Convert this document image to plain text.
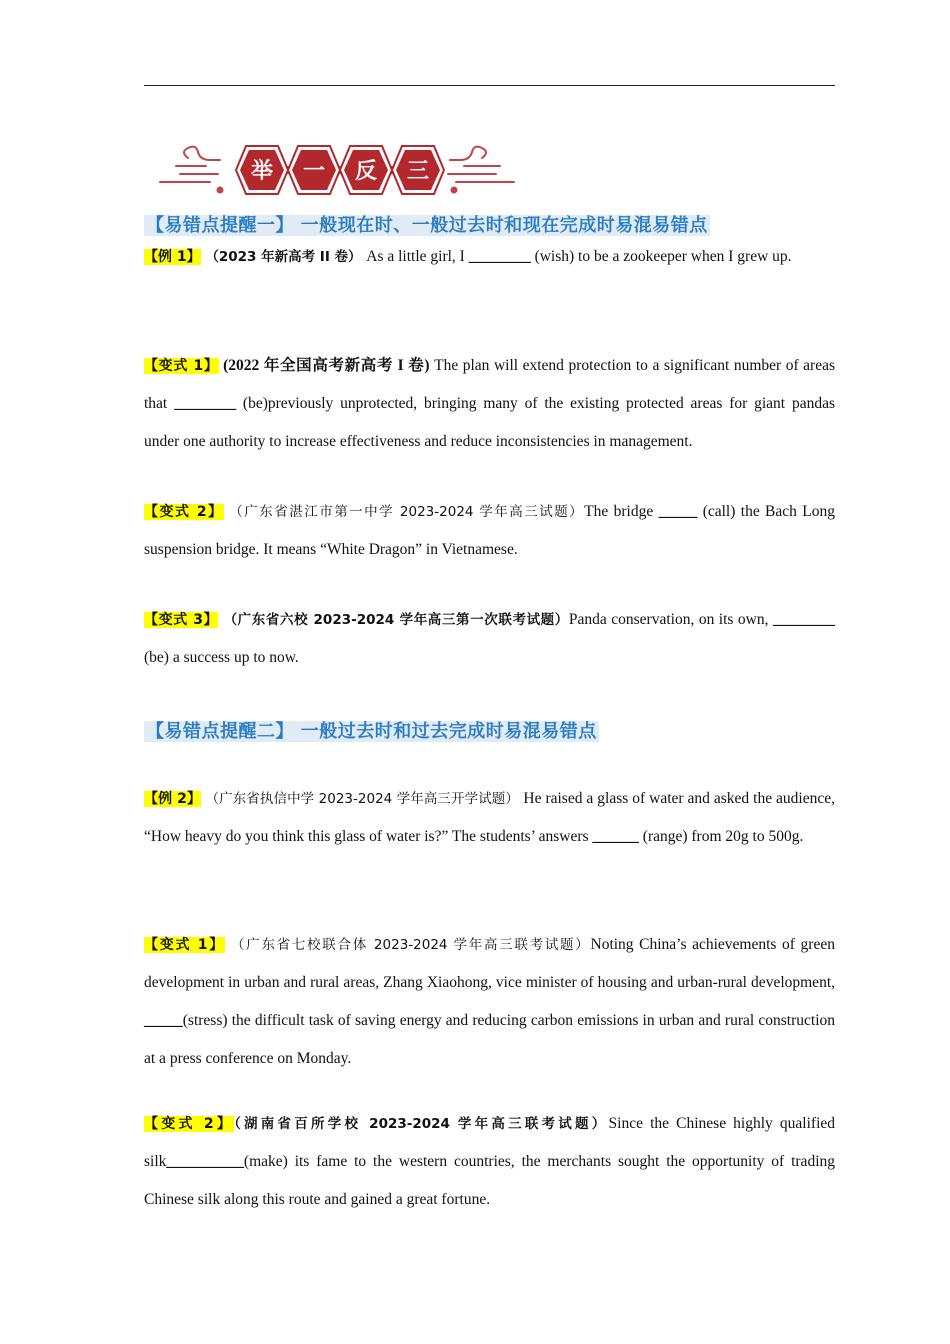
举 一 反 三
【易错点提醒一】 一般现在时、一般过去时和现在完成时易混易错点

【例 1】 （2023 年新高考 II 卷） As a little girl, I ________ (wish) to be a zookeeper when I grew up.

【变式 1】 (2022 年全国高考新高考 I 卷) The plan will extend protection to a significant number of areas that ________ (be)previously unprotected, bringing many of the existing protected areas for giant pandas under one authority to increase effectiveness and reduce inconsistencies in management.

【变式 2】 （广东省湛江市第一中学 2023-2024 学年高三试题）The bridge _____ (call) the Bach Long suspension bridge. It means “White Dragon” in Vietnamese.

【变式 3】 （广东省六校 2023-2024 学年高三第一次联考试题）Panda conservation, on its own, ________ (be) a success up to now.

【易错点提醒二】 一般过去时和过去完成时易混易错点

【例 2】 （广东省执信中学 2023-2024 学年高三开学试题） He raised a glass of water and asked the audience, “How heavy do you think this glass of water is?” The students’ answers ______ (range) from 20g to 500g.

【变式 1】 （广东省七校联合体 2023-2024 学年高三联考试题）Noting China’s achievements of green development in urban and rural areas, Zhang Xiaohong, vice minister of housing and urban-rural development, _____(stress) the difficult task of saving energy and reducing carbon emissions in urban and rural construction at a press conference on Monday.

【变式 2】（湖南省百所学校 2023-2024 学年高三联考试题）Since the Chinese highly qualified silk__________(make) its fame to the western countries, the merchants sought the opportunity of trading Chinese silk along this route and gained a great fortune.
